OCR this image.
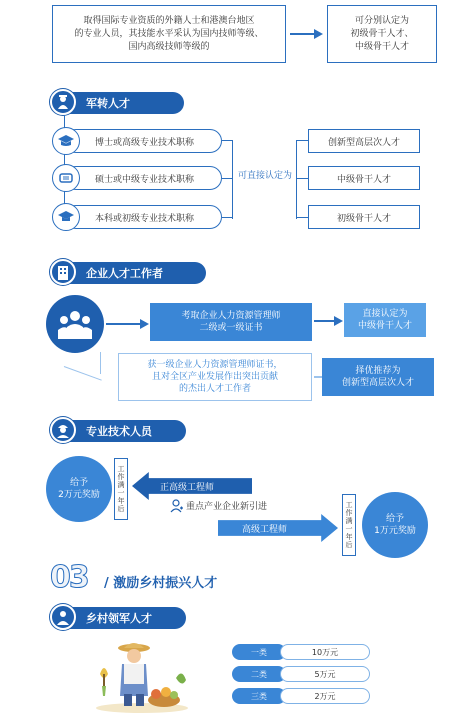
取得国际专业资质的外籍人士和港澳台地区
的专业人员，其技能水平采认为国内技师等级、
国内高级技师等级的
可分别认定为
初级骨干人才、
中级骨干人才
军转人才
博士或高级专业技术职称
硕士或中级专业技术职称
本科或初级专业技术职称
可直接认定为
创新型高层次人才
中级骨干人才
初级骨干人才
企业人才工作者
考取企业人力资源管理师
二级或一级证书
直接认定为
中级骨干人才
获一级企业人力资源管理师证书，
且对全区产业发展作出突出贡献
的杰出人才工作者
择优推荐为
创新型高层次人才
专业技术人员
给予
2万元奖励
工作满一年后
正高级工程师
重点产业企业新引进
高级工程师
工作满一年后
给予
1万元奖励
03 / 激励乡村振兴人才
乡村领军人才
一类	10万元
二类	5万元
三类	2万元
